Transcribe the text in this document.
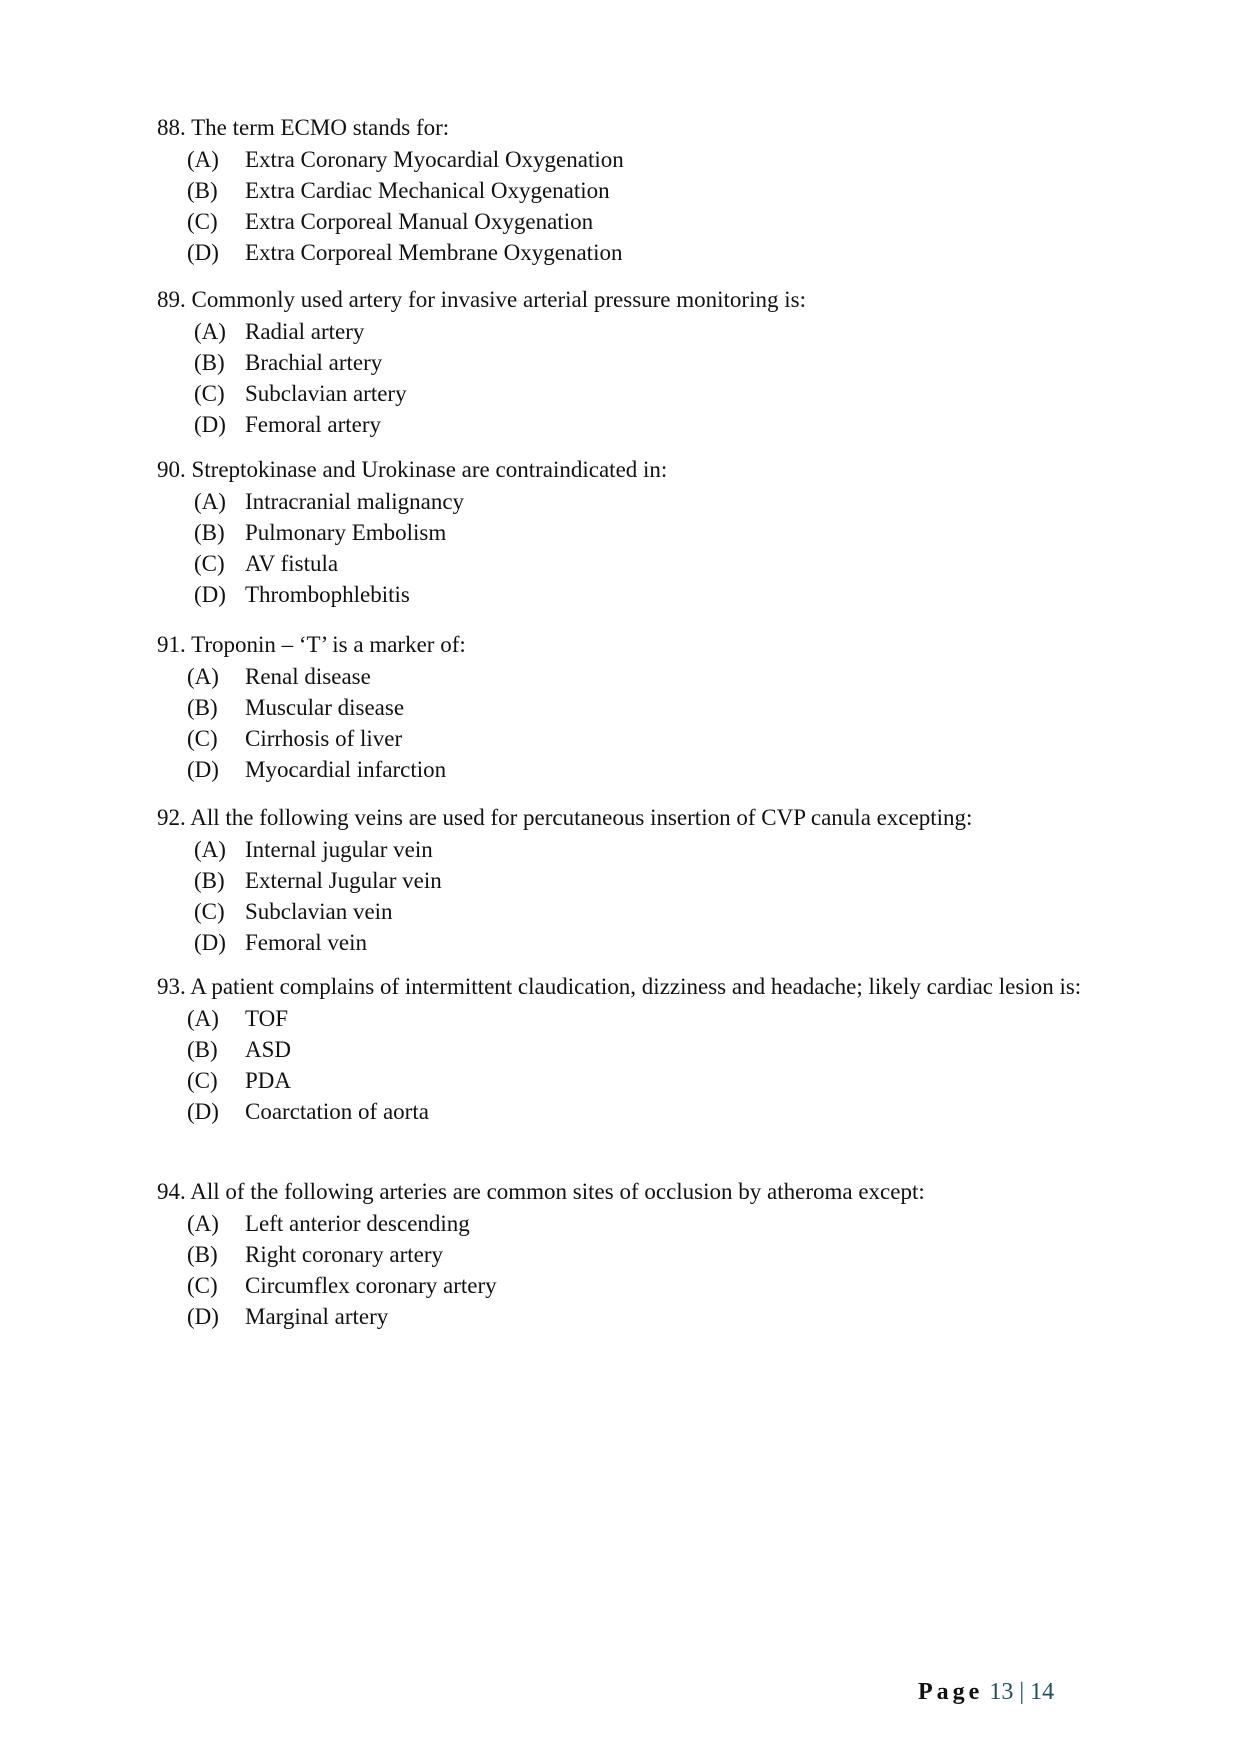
88. The term ECMO stands for:
(A) Extra Coronary Myocardial Oxygenation
(B) Extra Cardiac Mechanical Oxygenation
(C) Extra Corporeal Manual Oxygenation
(D) Extra Corporeal Membrane Oxygenation
89. Commonly used artery for invasive arterial pressure monitoring is:
(A) Radial artery
(B) Brachial artery
(C) Subclavian artery
(D) Femoral artery
90. Streptokinase and Urokinase are contraindicated in:
(A) Intracranial malignancy
(B) Pulmonary Embolism
(C) AV fistula
(D) Thrombophlebitis
91. Troponin – ‘T’ is a marker of:
(A) Renal disease
(B) Muscular disease
(C) Cirrhosis of liver
(D) Myocardial infarction
92. All the following veins are used for percutaneous insertion of CVP canula excepting:
(A) Internal jugular vein
(B) External Jugular vein
(C) Subclavian vein
(D) Femoral vein
93. A patient complains of intermittent claudication, dizziness and headache; likely cardiac lesion is:
(A) TOF
(B) ASD
(C) PDA
(D) Coarctation of aorta
94. All of the following arteries are common sites of occlusion by atheroma except:
(A) Left anterior descending
(B) Right coronary artery
(C) Circumflex coronary artery
(D) Marginal artery
Page 13 | 14
